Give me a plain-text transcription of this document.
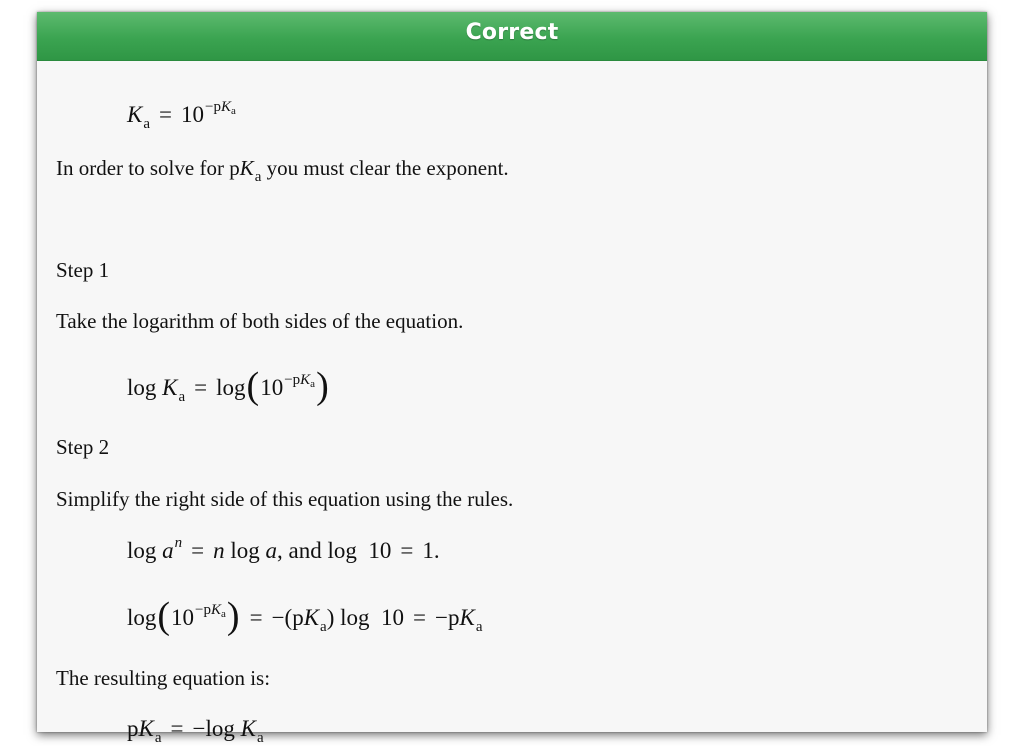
Correct
$K_a = 10^{-pK_a}$
In order to solve for $pK_a$ you must clear the exponent.
Step 1
Take the logarithm of both sides of the equation.
$\log K_a = \log(10^{-pK_a})$
Step 2
Simplify the right side of this equation using the rules.
$\log a^n = n$ log a, and log  10 = 1.
$\log(10^{-pK_a}) = -(pK_a)$ $\log 10 = -pK_a$
The resulting equation is:
$pK_a = -\log$ $K_a$
